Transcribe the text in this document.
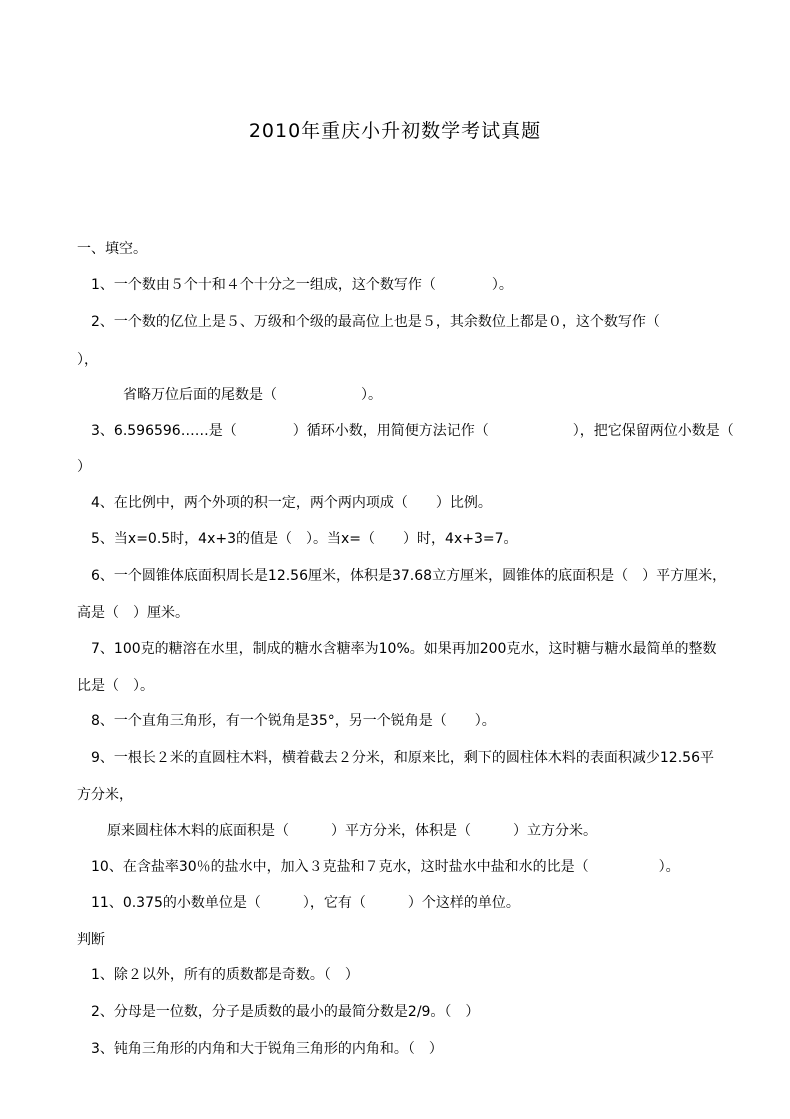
2010年重庆小升初数学考试真题
一、填空。
1、一个数由５个十和４个十分之一组成，这个数写作（　　　　）。
2、一个数的亿位上是５、万级和个级的最高位上也是５，其余数位上都是０，这个数写作（
），
省略万位后面的尾数是（　　　　　　）。
3、6.596596……是（　　　　）循环小数，用简便方法记作（　　　　　　），把它保留两位小数是（
）
4、在比例中，两个外项的积一定，两个两内项成（　　）比例。
5、当x=0.5时，4x+3的值是（　）。当x=（　　）时，4x+3=7。
6、一个圆锥体底面积周长是12.56厘米，体积是37.68立方厘米，圆锥体的底面积是（　）平方厘米，
高是（　）厘米。
7、100克的糖溶在水里，制成的糖水含糖率为10%。如果再加200克水，这时糖与糖水最简单的整数
比是（　）。
8、一个直角三角形，有一个锐角是35°，另一个锐角是（　　）。
9、一根长２米的直圆柱木料，横着截去２分米，和原来比，剩下的圆柱体木料的表面积减少12.56平
方分米，
原来圆柱体木料的底面积是（　　　）平方分米，体积是（　　　）立方分米。
10、在含盐率30％的盐水中，加入３克盐和７克水，这时盐水中盐和水的比是（　　　　　）。
11、0.375的小数单位是（　　　），它有（　　　）个这样的单位。
判断
1、除２以外，所有的质数都是奇数。（　）
2、分母是一位数，分子是质数的最小的最简分数是2/9。（　）
3、钝角三角形的内角和大于锐角三角形的内角和。（　）
